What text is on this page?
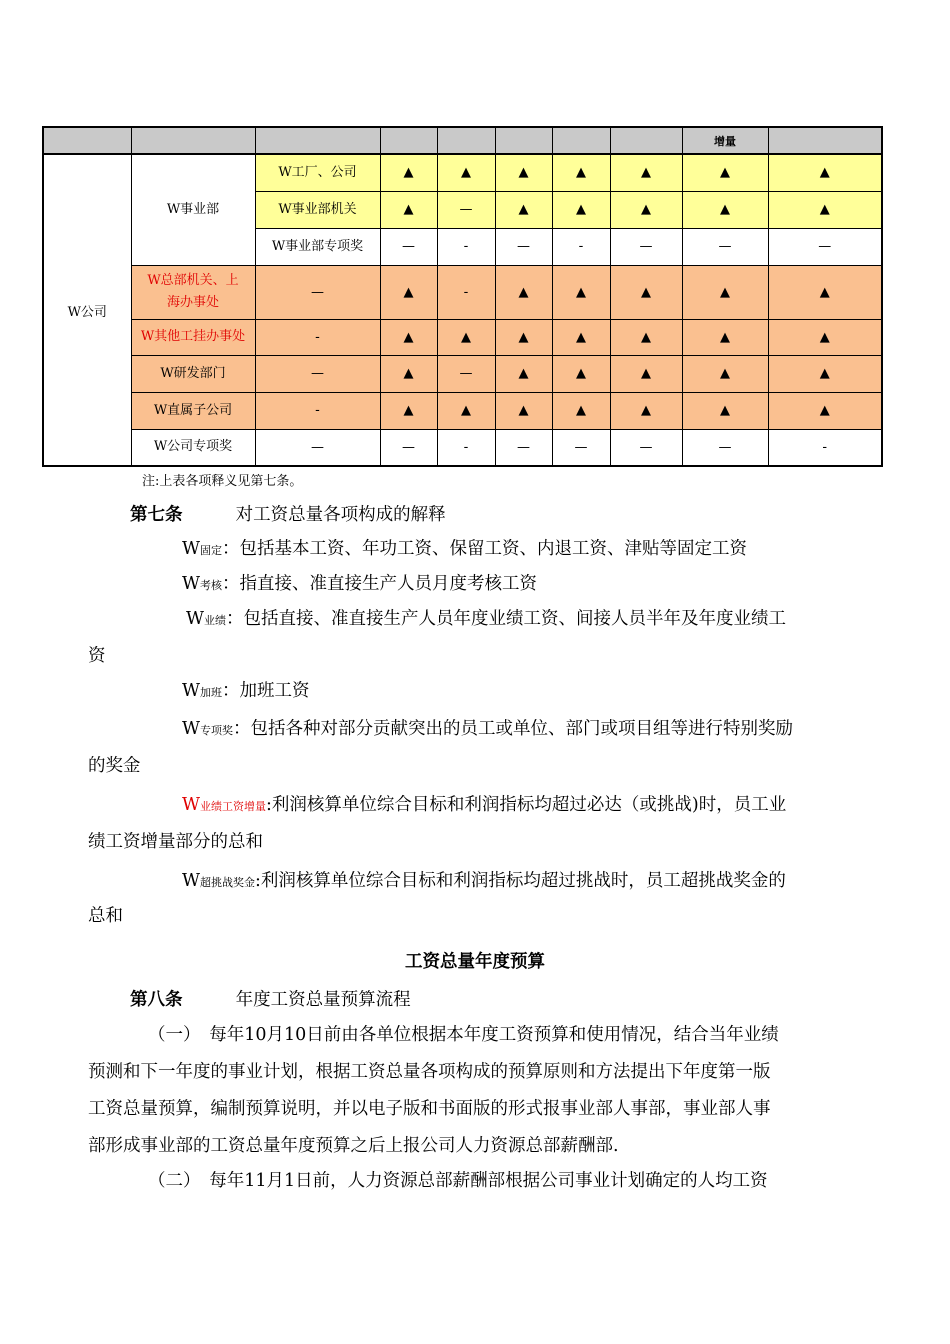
								增量	
W公司	W事业部	W工厂、公司	▲	▲	▲	▲	▲	▲	▲
		W事业部机关	▲	—	▲	▲	▲	▲	▲
		W事业部专项奖	—	-	—	-	—	—	—
	W总部机关、上海办事处	—	▲	-	▲	▲	▲	▲	▲
	W其他工挂办事处	-	▲	▲	▲	▲	▲	▲	▲
	W研发部门	—	▲	—	▲	▲	▲	▲	▲
	W直属子公司	-	▲	▲	▲	▲	▲	▲	▲
	W公司专项奖	—	—	-	—	—	—	—	-
注:上表各项释义见第七条。
第七条	对工资总量各项构成的解释
W固定：包括基本工资、年功工资、保留工资、内退工资、津贴等固定工资
W考核：指直接、准直接生产人员月度考核工资
W业绩：包括直接、准直接生产人员年度业绩工资、间接人员半年及年度业绩工
资
W加班：加班工资
W专项奖：包括各种对部分贡献突出的员工或单位、部门或项目组等进行特别奖励
的奖金
W业绩工资增量:利润核算单位综合目标和利润指标均超过必达（或挑战)时，员工业
绩工资增量部分的总和
W超挑战奖金:利润核算单位综合目标和利润指标均超过挑战时，员工超挑战奖金的
总和
工资总量年度预算
第八条	年度工资总量预算流程
（一）　每年10月10日前由各单位根据本年度工资预算和使用情况，结合当年业绩
预测和下一年度的事业计划，根据工资总量各项构成的预算原则和方法提出下年度第一版
工资总量预算，编制预算说明，并以电子版和书面版的形式报事业部人事部，事业部人事
部形成事业部的工资总量年度预算之后上报公司人力资源总部薪酬部.
（二）　每年11月1日前，人力资源总部薪酬部根据公司事业计划确定的人均工资
